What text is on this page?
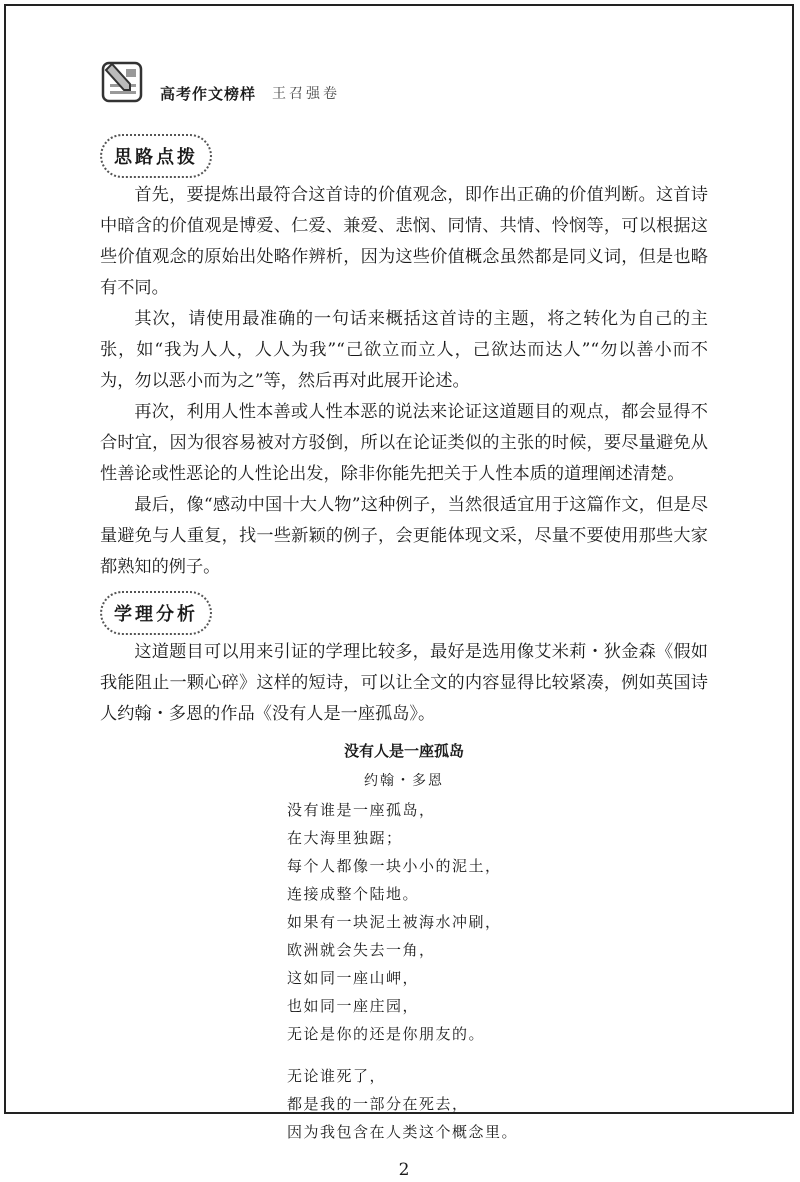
高考作文榜样 王召强卷
思路点拨

首先，要提炼出最符合这首诗的价值观念，即作出正确的价值判断。这首诗中暗含的价值观是博爱、仁爱、兼爱、悲悯、同情、共情、怜悯等，可以根据这些价值观念的原始出处略作辨析，因为这些价值概念虽然都是同义词，但是也略有不同。

其次，请使用最准确的一句话来概括这首诗的主题，将之转化为自己的主张，如“我为人人，人人为我”“己欲立而立人，己欲达而达人”“勿以善小而不为，勿以恶小而为之”等，然后再对此展开论述。

再次，利用人性本善或人性本恶的说法来论证这道题目的观点，都会显得不合时宜，因为很容易被对方驳倒，所以在论证类似的主张的时候，要尽量避免从性善论或性恶论的人性论出发，除非你能先把关于人性本质的道理阐述清楚。

最后，像“感动中国十大人物”这种例子，当然很适宜用于这篇作文，但是尽量避免与人重复，找一些新颖的例子，会更能体现文采，尽量不要使用那些大家都熟知的例子。

学理分析

这道题目可以用来引证的学理比较多，最好是选用像艾米莉・狄金森《假如我能阻止一颗心碎》这样的短诗，可以让全文的内容显得比较紧凑，例如英国诗人约翰・多恩的作品《没有人是一座孤岛》。

没有人是一座孤岛
约翰・多恩
没有谁是一座孤岛，
在大海里独踞；
每个人都像一块小小的泥土，
连接成整个陆地。
如果有一块泥土被海水冲刷，
欧洲就会失去一角，
这如同一座山岬，
也如同一座庄园，
无论是你的还是你朋友的。
无论谁死了，
都是我的一部分在死去，
因为我包含在人类这个概念里。
2
